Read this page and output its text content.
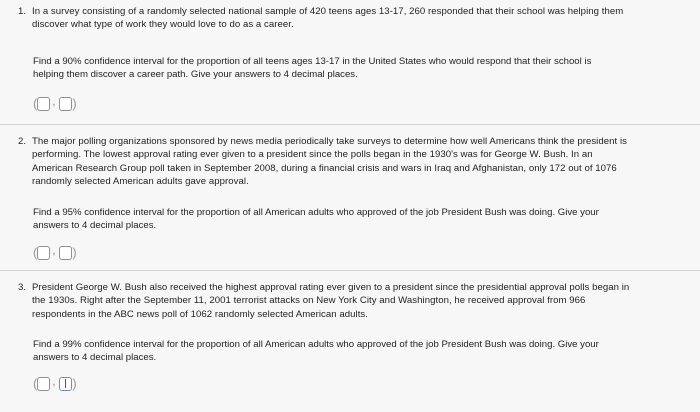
1. In a survey consisting of a randomly selected national sample of 420 teens ages 13-17, 260 responded that their school was helping them
discover what type of work they would love to do as a career.
Find a 90% confidence interval for the proportion of all teens ages 13-17 in the United States who would respond that their school is
helping them discover a career path. Give your answers to 4 decimal places.
( ,	)
2. The major polling organizations sponsored by news media periodically take surveys to determine how well Americans think the president is
performing. The lowest approval rating ever given to a president since the polls began in the 1930's was for George W. Bush. In an
American Research Group poll taken in September 2008, during a financial crisis and wars in Iraq and Afghanistan, only 172 out of 1076
randomly selected American adults gave approval.
Find a 95% confidence interval for the proportion of all American adults who approved of the job President Bush was doing. Give your
answers to 4 decimal places.
( ,	)
3. President George W. Bush also received the highest approval rating ever given to a president since the presidential approval polls began in
the 1930s. Right after the September 11, 2001 terrorist attacks on New York City and Washington, he received approval from 966
respondents in the ABC news poll of 1062 randomly selected American adults.
Find a 99% confidence interval for the proportion of all American adults who approved of the job President Bush was doing. Give your
answers to 4 decimal places.
( ,	)
